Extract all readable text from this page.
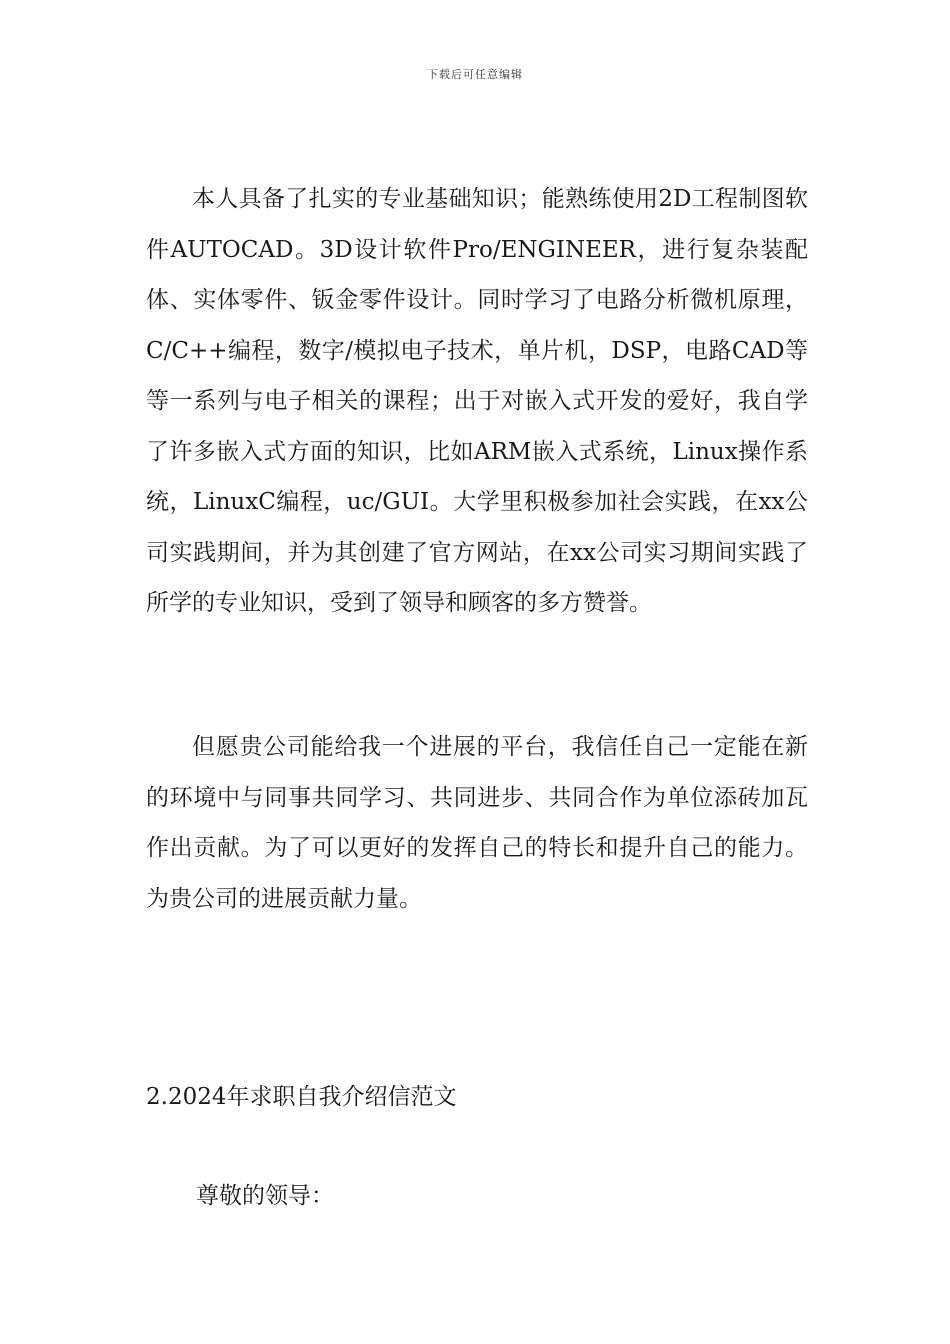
下载后可任意编辑

本人具备了扎实的专业基础知识；能熟练使用2D工程制图软件AUTOCAD。3D设计软件Pro/ENGINEER，进行复杂装配体、实体零件、钣金零件设计。同时学习了电路分析微机原理，C/C++编程，数字/模拟电子技术，单片机，DSP，电路CAD等等一系列与电子相关的课程；出于对嵌入式开发的爱好，我自学了许多嵌入式方面的知识，比如ARM嵌入式系统，Linux操作系统，LinuxC编程，uc/GUI。大学里积极参加社会实践，在xx公司实践期间，并为其创建了官方网站，在xx公司实习期间实践了所学的专业知识，受到了领导和顾客的多方赞誉。

但愿贵公司能给我一个进展的平台，我信任自己一定能在新的环境中与同事共同学习、共同进步、共同合作为单位添砖加瓦作出贡献。为了可以更好的发挥自己的特长和提升自己的能力。为贵公司的进展贡献力量。

2.2024年求职自我介绍信范文

尊敬的领导：
